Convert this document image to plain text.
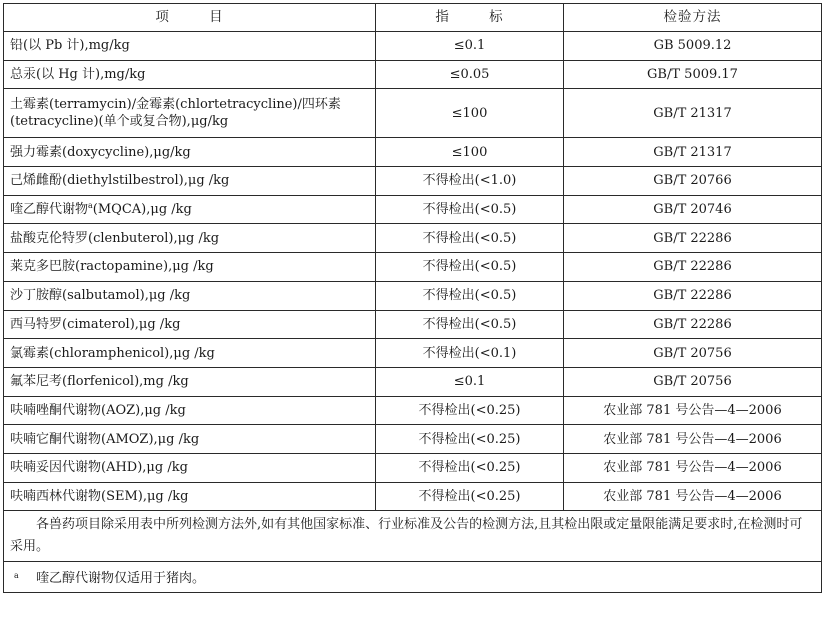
项 目	指 标	检验方法
铅(以 Pb 计),mg/kg	≤0.1	GB 5009.12
总汞(以 Hg 计),mg/kg	≤0.05	GB/T 5009.17
土霉素(terramycin)/金霉素(chlortetracycline)/四环素(tetracycline)(单个或复合物),μg/kg	≤100	GB/T 21317
强力霉素(doxycycline),μg/kg	≤100	GB/T 21317
己烯雌酚(diethylstilbestrol),μg /kg	不得检出(<1.0)	GB/T 20766
喹乙醇代谢物$^a$(MQCA),μg /kg	不得检出(<0.5)	GB/T 20746
盐酸克伦特罗(clenbuterol),μg /kg	不得检出(<0.5)	GB/T 22286
莱克多巴胺(ractopamine),μg /kg	不得检出(<0.5)	GB/T 22286
沙丁胺醇(salbutamol),μg /kg	不得检出(<0.5)	GB/T 22286
西马特罗(cimaterol),μg /kg	不得检出(<0.5)	GB/T 22286
氯霉素(chloramphenicol),μg /kg	不得检出(<0.1)	GB/T 20756
氟苯尼考(florfenicol),mg /kg	≤0.1	GB/T 20756
呋喃唑酮代谢物(AOZ),μg /kg	不得检出(<0.25)	农业部 781 号公告—4—2006
呋喃它酮代谢物(AMOZ),μg /kg	不得检出(<0.25)	农业部 781 号公告—4—2006
呋喃妥因代谢物(AHD),μg /kg	不得检出(<0.25)	农业部 781 号公告—4—2006
呋喃西林代谢物(SEM),μg /kg	不得检出(<0.25)	农业部 781 号公告—4—2006
各兽药项目除采用表中所列检测方法外,如有其他国家标准、行业标准及公告的检测方法,且其检出限或定量限能满足要求时,在检测时可采用。		
a 喹乙醇代谢物仅适用于猪肉。		
